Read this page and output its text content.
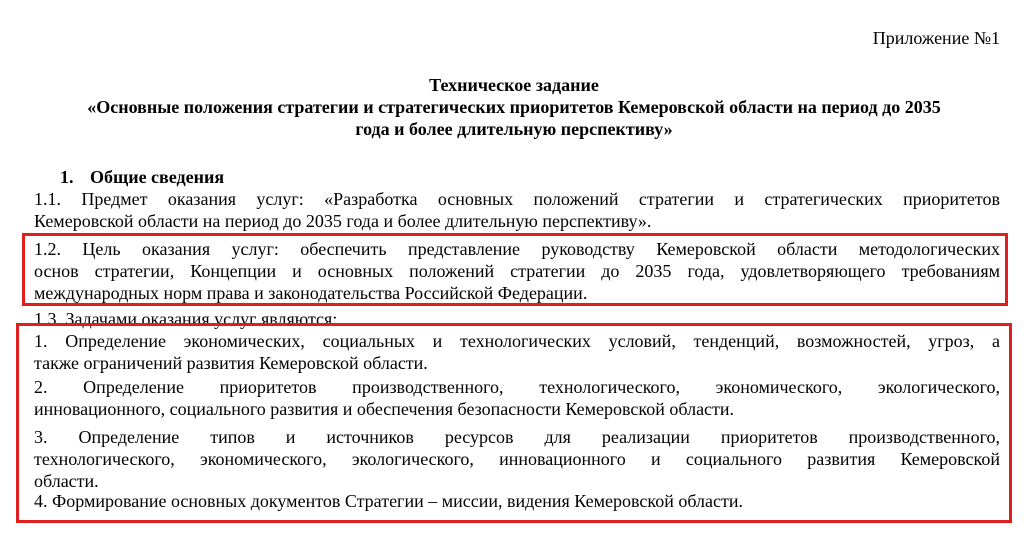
Приложение №1
Техническое задание
«Основные положения стратегии и стратегических приоритетов Кемеровской области на период до 2035
года и более длительную перспективу»
1. Общие сведения
1.1. Предмет оказания услуг: «Разработка основных положений стратегии и стратегических приоритетов
Кемеровской области на период до 2035 года и более длительную перспективу».
1.2. Цель оказания услуг: обеспечить представление руководству Кемеровской области методологических
основ стратегии, Концепции и основных положений стратегии до 2035 года, удовлетворяющего требованиям
международных норм права и законодательства Российской Федерации.
1.3. Задачами оказания услуг являются:
1. Определение экономических, социальных и технологических условий, тенденций, возможностей, угроз, а
также ограничений развития Кемеровской области.
2. Определение приоритетов производственного, технологического, экономического, экологического,
инновационного, социального развития и обеспечения безопасности Кемеровской области.
3. Определение типов и источников ресурсов для реализации приоритетов производственного,
технологического, экономического, экологического, инновационного и социального развития Кемеровской
области.
4. Формирование основных документов Стратегии – миссии, видения Кемеровской области.
